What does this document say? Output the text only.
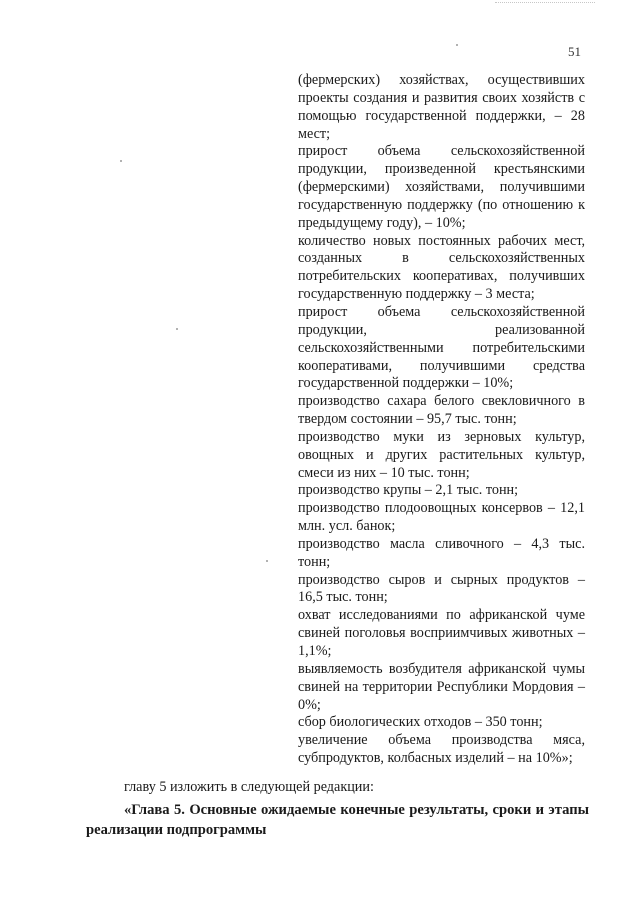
51
(фермерских) хозяйствах, осуществивших проекты создания и развития своих хозяйств с помощью государственной поддержки, – 28 мест;
прирост объема сельскохозяйственной продукции, произведенной крестьянскими (фермерскими) хозяйствами, получившими государственную поддержку (по отношению к предыдущему году), – 10%;
количество новых постоянных рабочих мест, созданных в сельскохозяйственных потребительских кооперативах, получивших государственную поддержку – 3 места;
прирост объема сельскохозяйственной продукции, реализованной сельскохозяйственными потребительскими кооперативами, получившими средства государственной поддержки – 10%;
производство сахара белого свекловичного в твердом состоянии – 95,7 тыс. тонн;
производство муки из зерновых культур, овощных и других растительных культур, смеси из них – 10 тыс. тонн;
производство крупы – 2,1 тыс. тонн;
производство плодоовощных консервов – 12,1 млн. усл. банок;
производство масла сливочного – 4,3 тыс. тонн;
производство сыров и сырных продуктов – 16,5 тыс. тонн;
охват исследованиями по африканской чуме свиней поголовья восприимчивых животных – 1,1%;
выявляемость возбудителя африканской чумы свиней на территории Республики Мордовия – 0%;
сбор биологических отходов – 350 тонн;
увеличение объема производства мяса, субпродуктов, колбасных изделий – на 10%»;

главу 5 изложить в следующей редакции:

«Глава 5. Основные ожидаемые конечные результаты, сроки и этапы реализации подпрограммы
